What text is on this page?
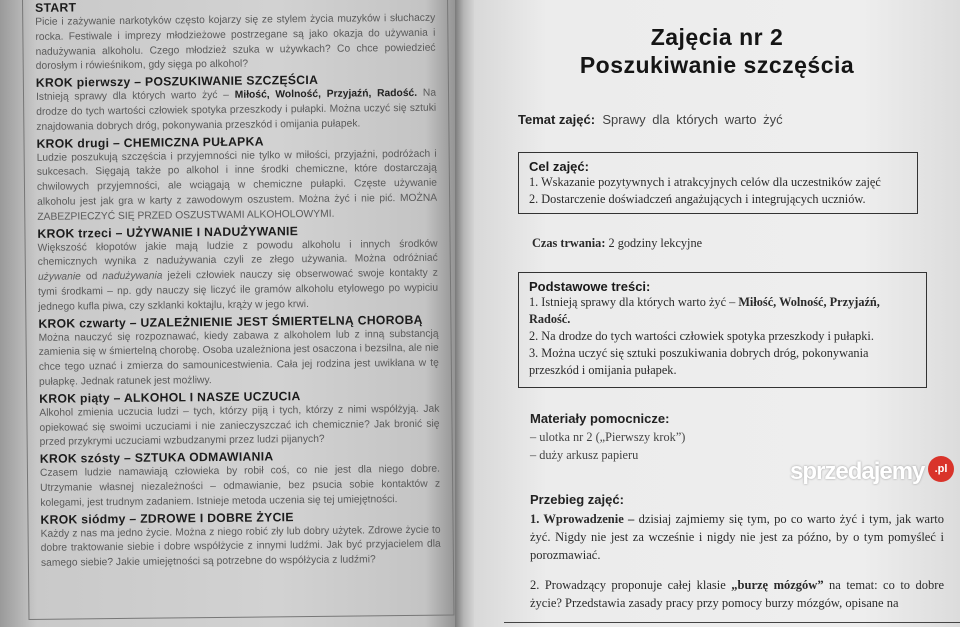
START

Picie i zażywanie narkotyków często kojarzy się ze stylem życia muzyków i słuchaczy rocka. Festiwale i imprezy młodzieżowe postrzegane są jako okazja do używania i nadużywania alkoholu. Czego młodzież szuka w używkach? Co chce powiedzieć dorosłym i rówieśnikom, gdy sięga po alkohol?

KROK pierwszy – POSZUKIWANIE SZCZĘŚCIA

Istnieją sprawy dla których warto żyć – Miłość, Wolność, Przyjaźń, Radość. Na drodze do tych wartości człowiek spotyka przeszkody i pułapki. Można uczyć się sztuki znajdowania dobrych dróg, pokonywania przeszkód i omijania pułapek.

KROK drugi – CHEMICZNA PUŁAPKA

Ludzie poszukują szczęścia i przyjemności nie tylko w miłości, przyjaźni, podróżach i sukcesach. Sięgają także po alkohol i inne środki chemiczne, które dostarczają chwilowych przyjemności, ale wciągają w chemiczne pułapki. Częste używanie alkoholu jest jak gra w karty z zawodowym oszustem. Można żyć i nie pić. MOŻNA ZABEZPIECZYĆ SIĘ PRZED OSZUSTWAMI ALKOHOLOWYMI.

KROK trzeci – UŻYWANIE I NADUŻYWANIE

Większość kłopotów jakie mają ludzie z powodu alkoholu i innych środków chemicznych wynika z nadużywania czyli ze złego używania. Można odróżniać używanie od nadużywania jeżeli człowiek nauczy się obserwować swoje kontakty z tymi środkami – np. gdy nauczy się liczyć ile gramów alkoholu etylowego po wypiciu jednego kufla piwa, czy szklanki koktajlu, krąży w jego krwi.

KROK czwarty – UZALEŻNIENIE JEST ŚMIERTELNĄ CHOROBĄ

Można nauczyć się rozpoznawać, kiedy zabawa z alkoholem lub z inną substancją zamienia się w śmiertelną chorobę. Osoba uzależniona jest osaczona i bezsilna, ale nie chce tego uznać i zmierza do samounicestwienia. Cała jej rodzina jest uwikłana w tę pułapkę. Jednak ratunek jest możliwy.

KROK piąty – ALKOHOL I NASZE UCZUCIA

Alkohol zmienia uczucia ludzi – tych, którzy piją i tych, którzy z nimi współżyją. Jak opiekować się swoimi uczuciami i nie zanieczyszczać ich chemicznie? Jak bronić się przed przykrymi uczuciami wzbudzanymi przez ludzi pijanych?

KROK szósty – SZTUKA ODMAWIANIA

Czasem ludzie namawiają człowieka by robił coś, co nie jest dla niego dobre. Utrzymanie własnej niezależności – odmawianie, bez psucia sobie kontaktów z kolegami, jest trudnym zadaniem. Istnieje metoda uczenia się tej umiejętności.

KROK siódmy – ZDROWE I DOBRE ŻYCIE

Każdy z nas ma jedno życie. Można z niego robić zły lub dobry użytek. Zdrowe życie to dobre traktowanie siebie i dobre współżycie z innymi ludźmi. Jak być przyjacielem dla samego siebie? Jakie umiejętności są potrzebne do współżycia z ludźmi?

Zajęcia nr 2
Poszukiwanie szczęścia
Temat zajęć: Sprawy dla których warto żyć
Cel zajęć:
1. Wskazanie pozytywnych i atrakcyjnych celów dla uczestników zajęć
2. Dostarczenie doświadczeń angażujących i integrujących uczniów.
Czas trwania: 2 godziny lekcyjne
Podstawowe treści:
1. Istnieją sprawy dla których warto żyć – Miłość, Wolność, Przyjaźń, Radość.
2. Na drodze do tych wartości człowiek spotyka przeszkody i pułapki.
3. Można uczyć się sztuki poszukiwania dobrych dróg, pokonywania przeszkód i omijania pułapek.
Materiały pomocnicze:
– ulotka nr 2 („Pierwszy krok”)
– duży arkusz papieru
Przebieg zajęć:
1. Wprowadzenie – dzisiaj zajmiemy się tym, po co warto żyć i tym, jak warto żyć. Nigdy nie jest za wcześnie i nigdy nie jest za późno, by o tym pomyśleć i porozmawiać.
2. Prowadzący proponuje całej klasie „burzę mózgów” na temat: co to dobre życie? Przedstawia zasady pracy przy pomocy burzy mózgów, opisane na
sprzedajemy .pl
